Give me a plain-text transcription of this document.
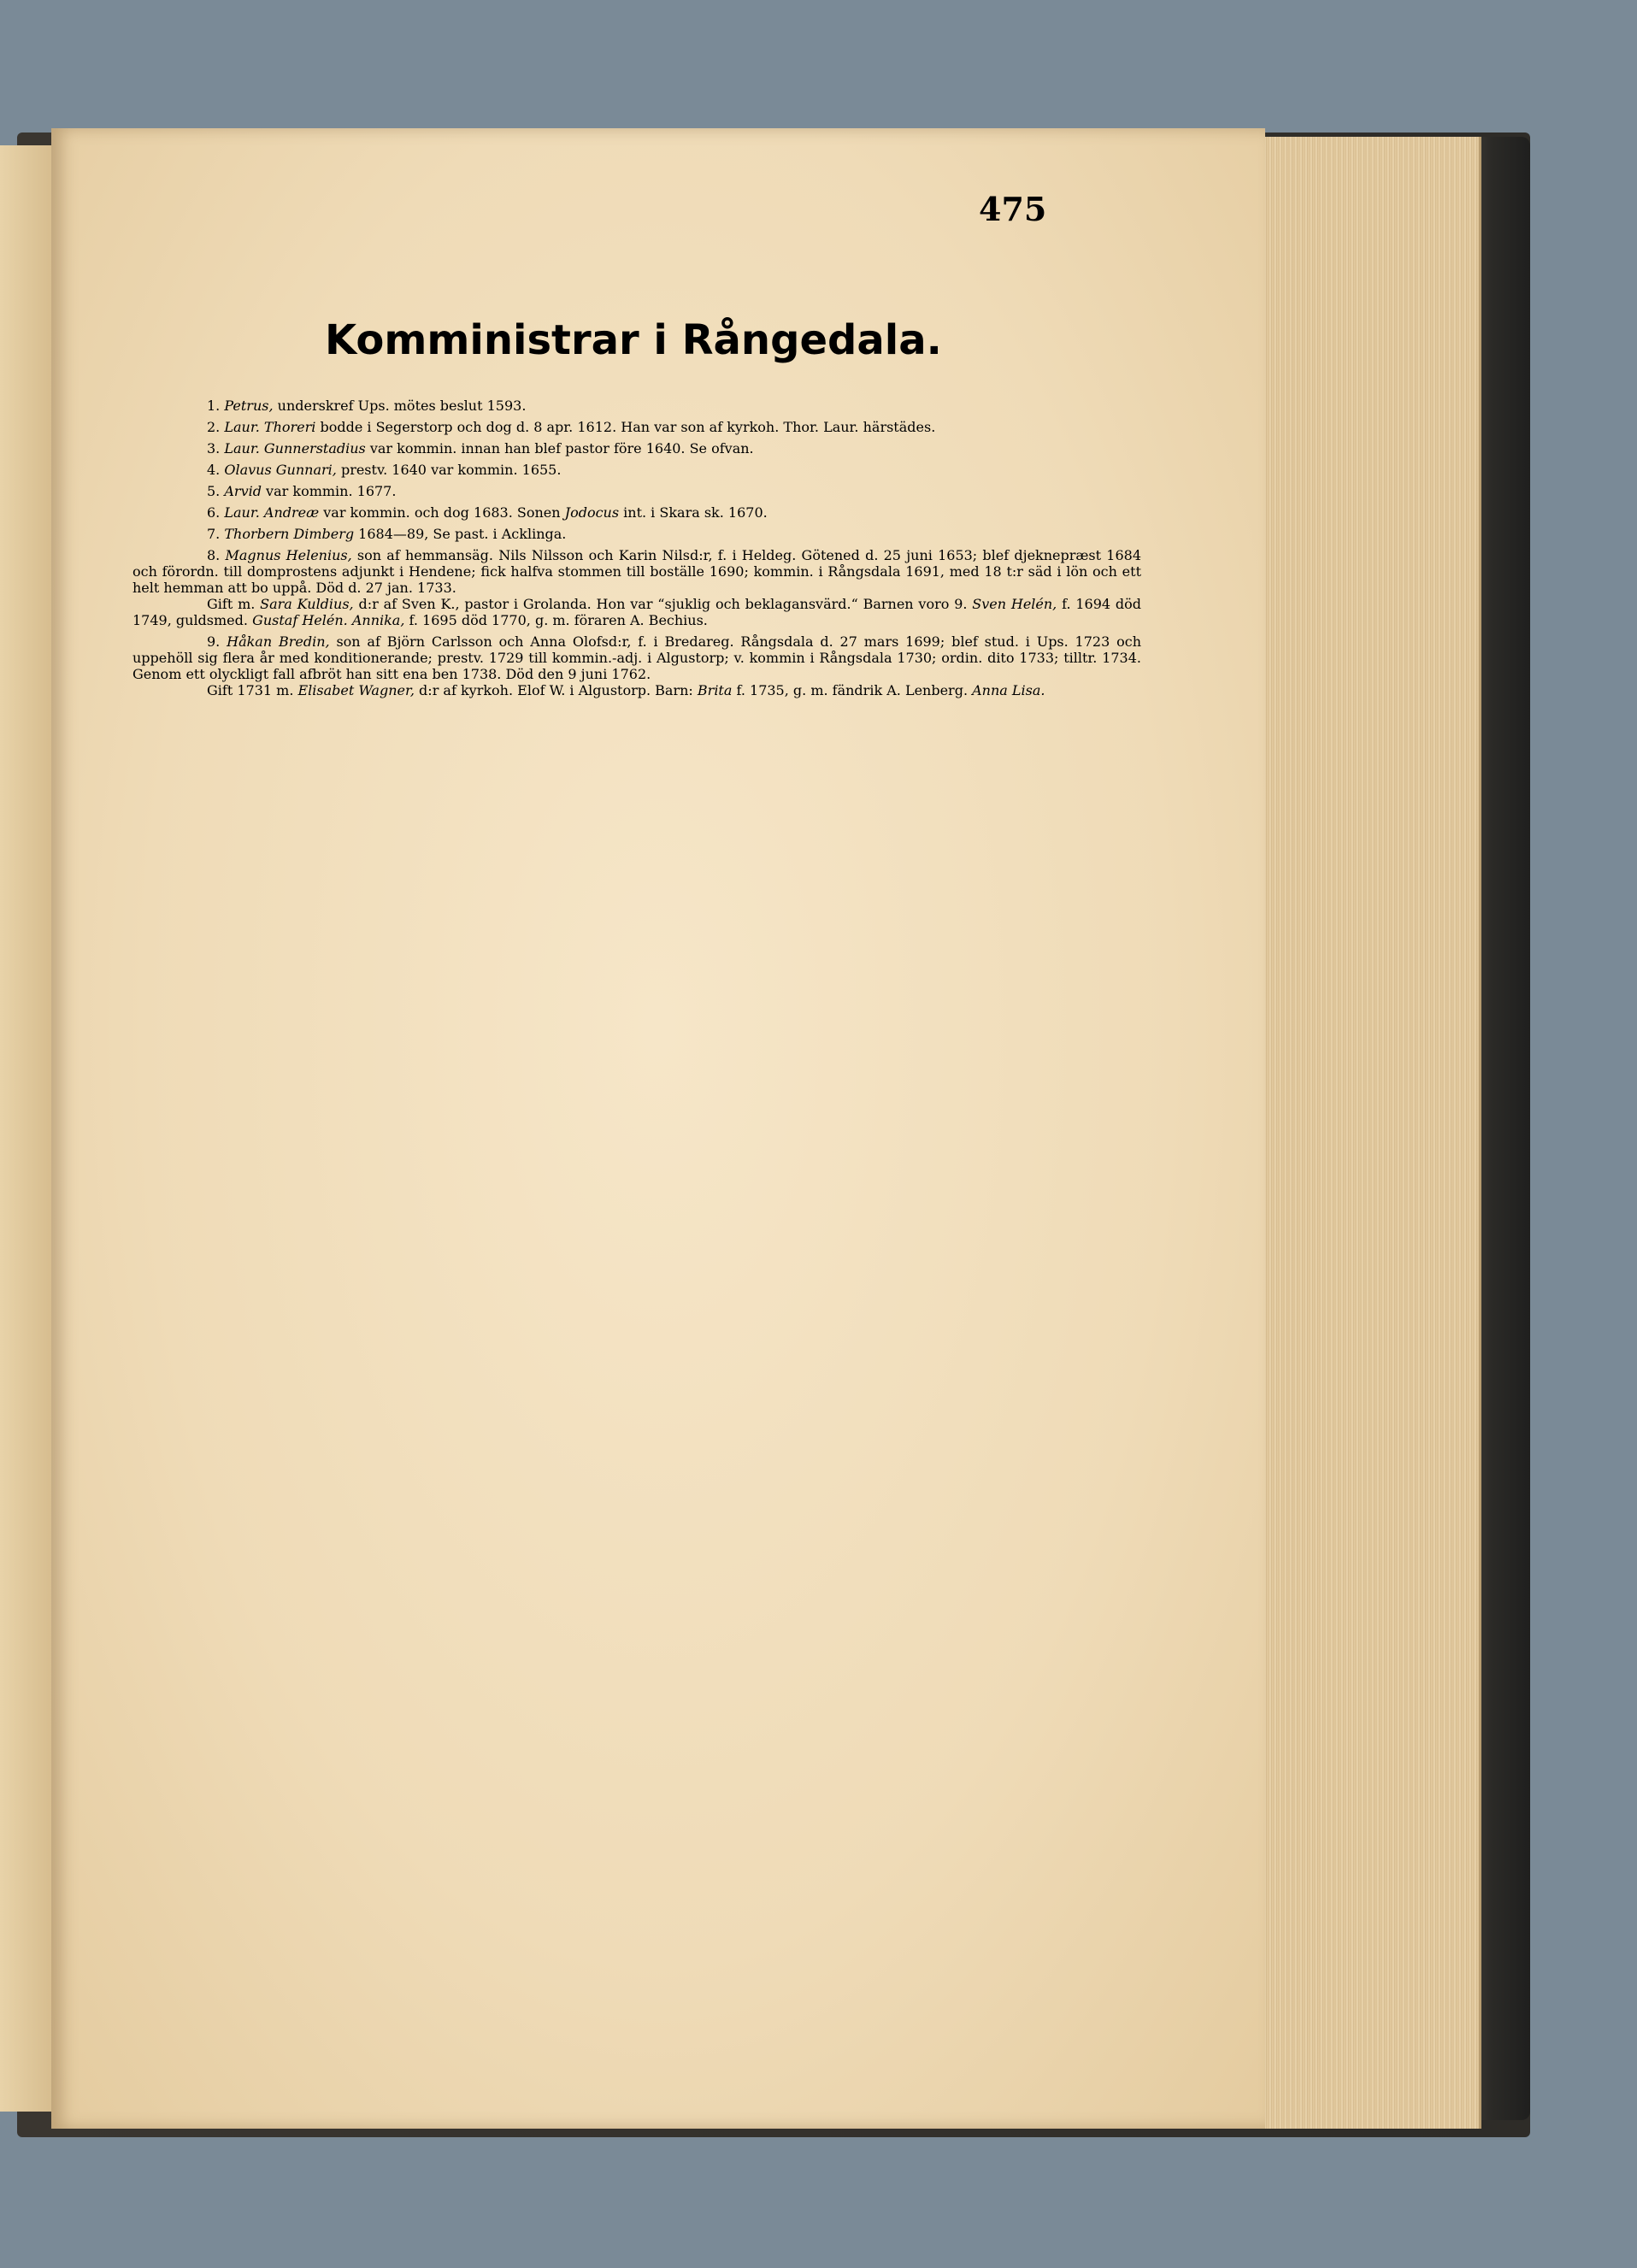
475
Komministrar i Rångedala.

1. Petrus, underskref Ups. mötes beslut 1593.

2. Laur. Thoreri bodde i Segerstorp och dog d. 8 apr. 1612. Han var son af kyrkoh. Thor. Laur. härstädes.

3. Laur. Gunnerstadius var kommin. innan han blef pastor före 1640. Se ofvan.

4. Olavus Gunnari, prestv. 1640 var kommin. 1655.

5. Arvid var kommin. 1677.

6. Laur. Andreæ var kommin. och dog 1683. Sonen Jodocus int. i Skara sk. 1670.

7. Thorbern Dimberg 1684—89, Se past. i Acklinga.

8. Magnus Helenius, son af hemmansäg. Nils Nilsson och Karin Nilsd:r, f. i Heldeg. Götened d. 25 juni 1653; blef djeknepræst 1684 och förordn. till domprostens adjunkt i Hendene; fick halfva stommen till boställe 1690; kommin. i Rångsdala 1691, med 18 t:r säd i lön och ett helt hemman att bo uppå. Död d. 27 jan. 1733.

Gift m. Sara Kuldius, d:r af Sven K., pastor i Grolanda. Hon var “sjuklig och beklagansvärd.“ Barnen voro 9. Sven Helén, f. 1694 död 1749, guldsmed. Gustaf Helén. Annika, f. 1695 död 1770, g. m. föraren A. Bechius.

9. Håkan Bredin, son af Björn Carlsson och Anna Olofsd:r, f. i Bredareg. Rångsdala d. 27 mars 1699; blef stud. i Ups. 1723 och uppehöll sig flera år med konditionerande; prestv. 1729 till kommin.-adj. i Algustorp; v. kommin i Rångsdala 1730; ordin. dito 1733; tilltr. 1734. Genom ett olyckligt fall afbröt han sitt ena ben 1738. Död den 9 juni 1762.

Gift 1731 m. Elisabet Wagner, d:r af kyrkoh. Elof W. i Algustorp. Barn: Brita f. 1735, g. m. fändrik A. Lenberg. Anna Lisa.
